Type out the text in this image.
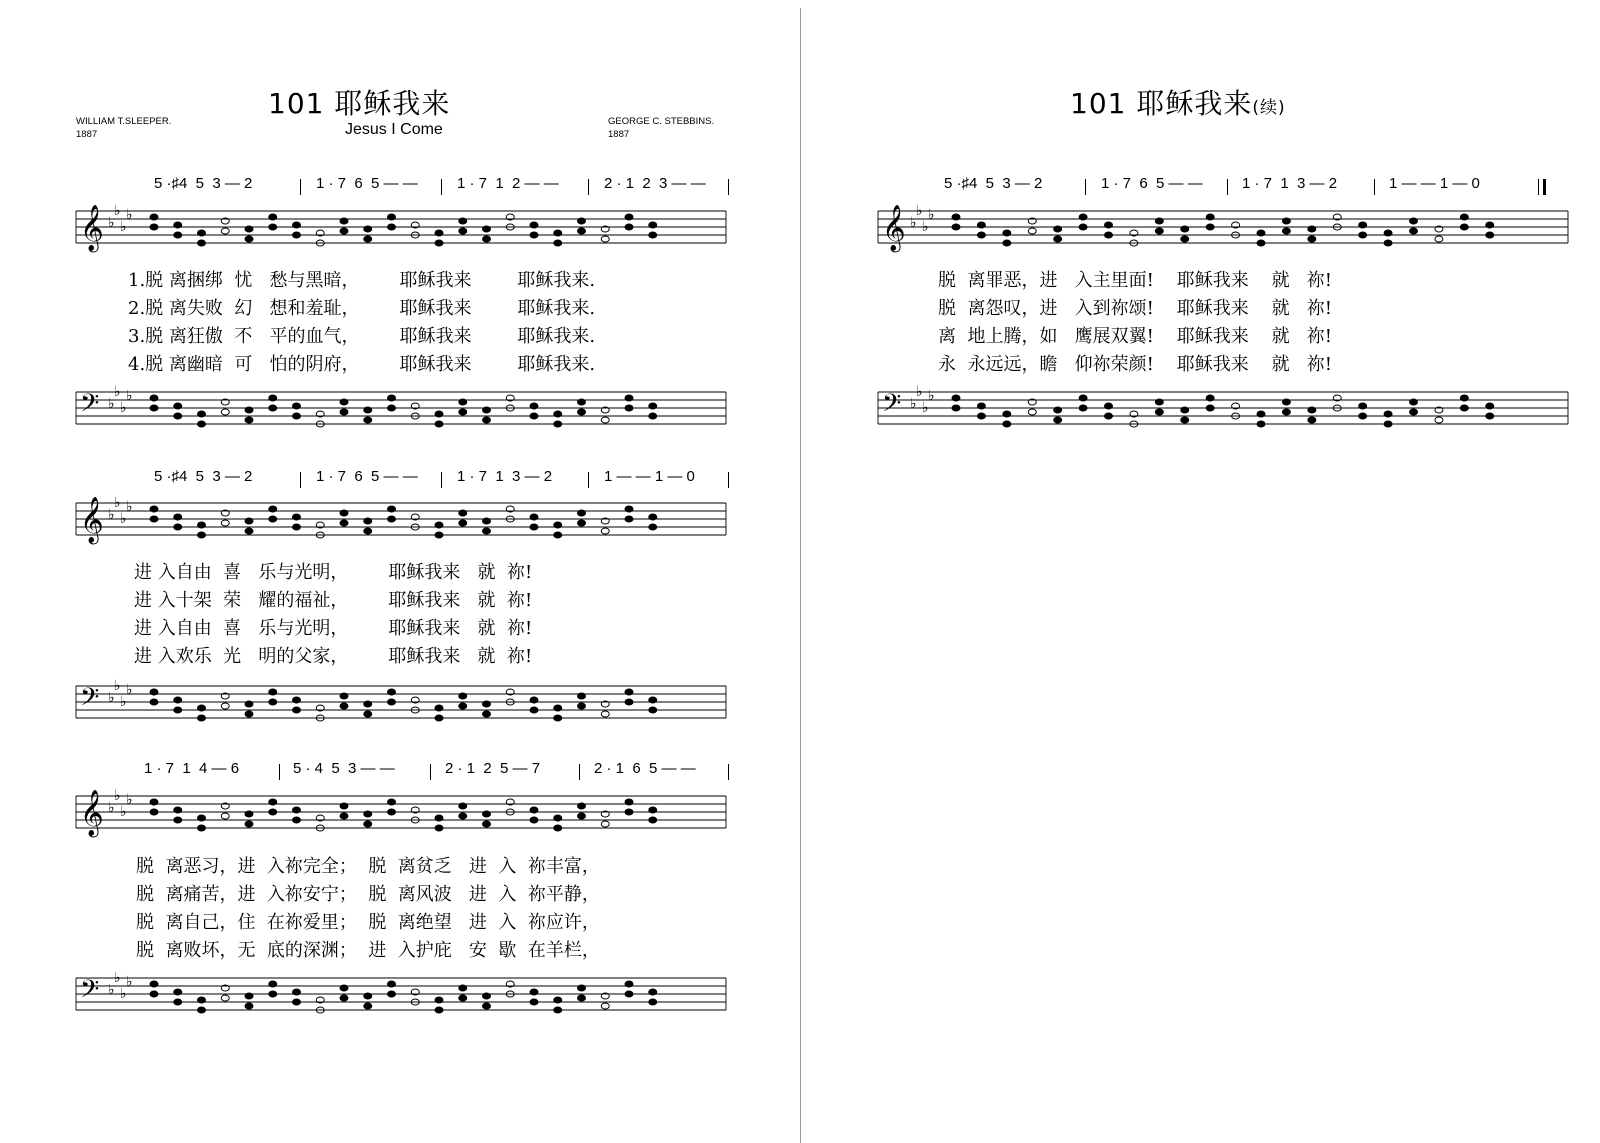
101 耶稣我来
WILLIAM T.SLEEPER.
1887	Jesus I Come	GEORGE C. STEBBINS.
1887
5 ·♯4  5  3 — 2	1 · 7  6  5 — —	1 · 7  1  2 — —	2 · 1  2  3 — —
𝄞 ♭
♭
♭
♭
1.脱 离捆绑  忧   愁与黑暗，       耶稣我来        耶稣我来.
2.脱 离失败  幻   想和羞耻，       耶稣我来        耶稣我来.
3.脱 离狂傲  不   平的血气，       耶稣我来        耶稣我来.
4.脱 离幽暗  可   怕的阴府，       耶稣我来        耶稣我来.
𝄢 ♭
♭
♭
♭
5 ·♯4  5  3 — 2	1 · 7  6  5 — —	1 · 7  1  3 — 2	1 — — 1 — 0
𝄞 ♭
♭
♭
♭
进 入自由  喜   乐与光明，       耶稣我来   就  祢!
进 入十架  荣   耀的福祉，       耶稣我来   就  祢!
进 入自由  喜   乐与光明，       耶稣我来   就  祢!
进 入欢乐  光   明的父家，       耶稣我来   就  祢!
𝄢 ♭
♭
♭
♭
1 · 7  1  4 — 6	5 · 4  5  3 — —	2 · 1  2  5 — 7	2 · 1  6  5 — —
𝄞 ♭
♭
♭
♭
脱  离恶习，进  入祢完全；  脱  离贫乏   进  入  祢丰富，
脱  离痛苦，进  入祢安宁；  脱  离风波   进  入  祢平静，
脱  离自己，住  在祢爱里；  脱  离绝望   进  入  祢应许，
脱  离败坏，无  底的深渊；  进  入护庇   安  歇  在羊栏，
𝄢 ♭
♭
♭
♭
101 耶稣我来(续)
5 ·♯4  5  3 — 2	1 · 7  6  5 — —	1 · 7  1  3 — 2	1 — — 1 — 0
𝄞 ♭
♭
♭
♭
脱  离罪恶，进   入主里面!    耶稣我来    就   祢!
脱  离怨叹，进   入到祢颂!    耶稣我来    就   祢!
离  地上腾，如   鹰展双翼!    耶稣我来    就   祢!
永  永远远，瞻   仰祢荣颜!    耶稣我来    就   祢!
𝄢 ♭
♭
♭
♭
